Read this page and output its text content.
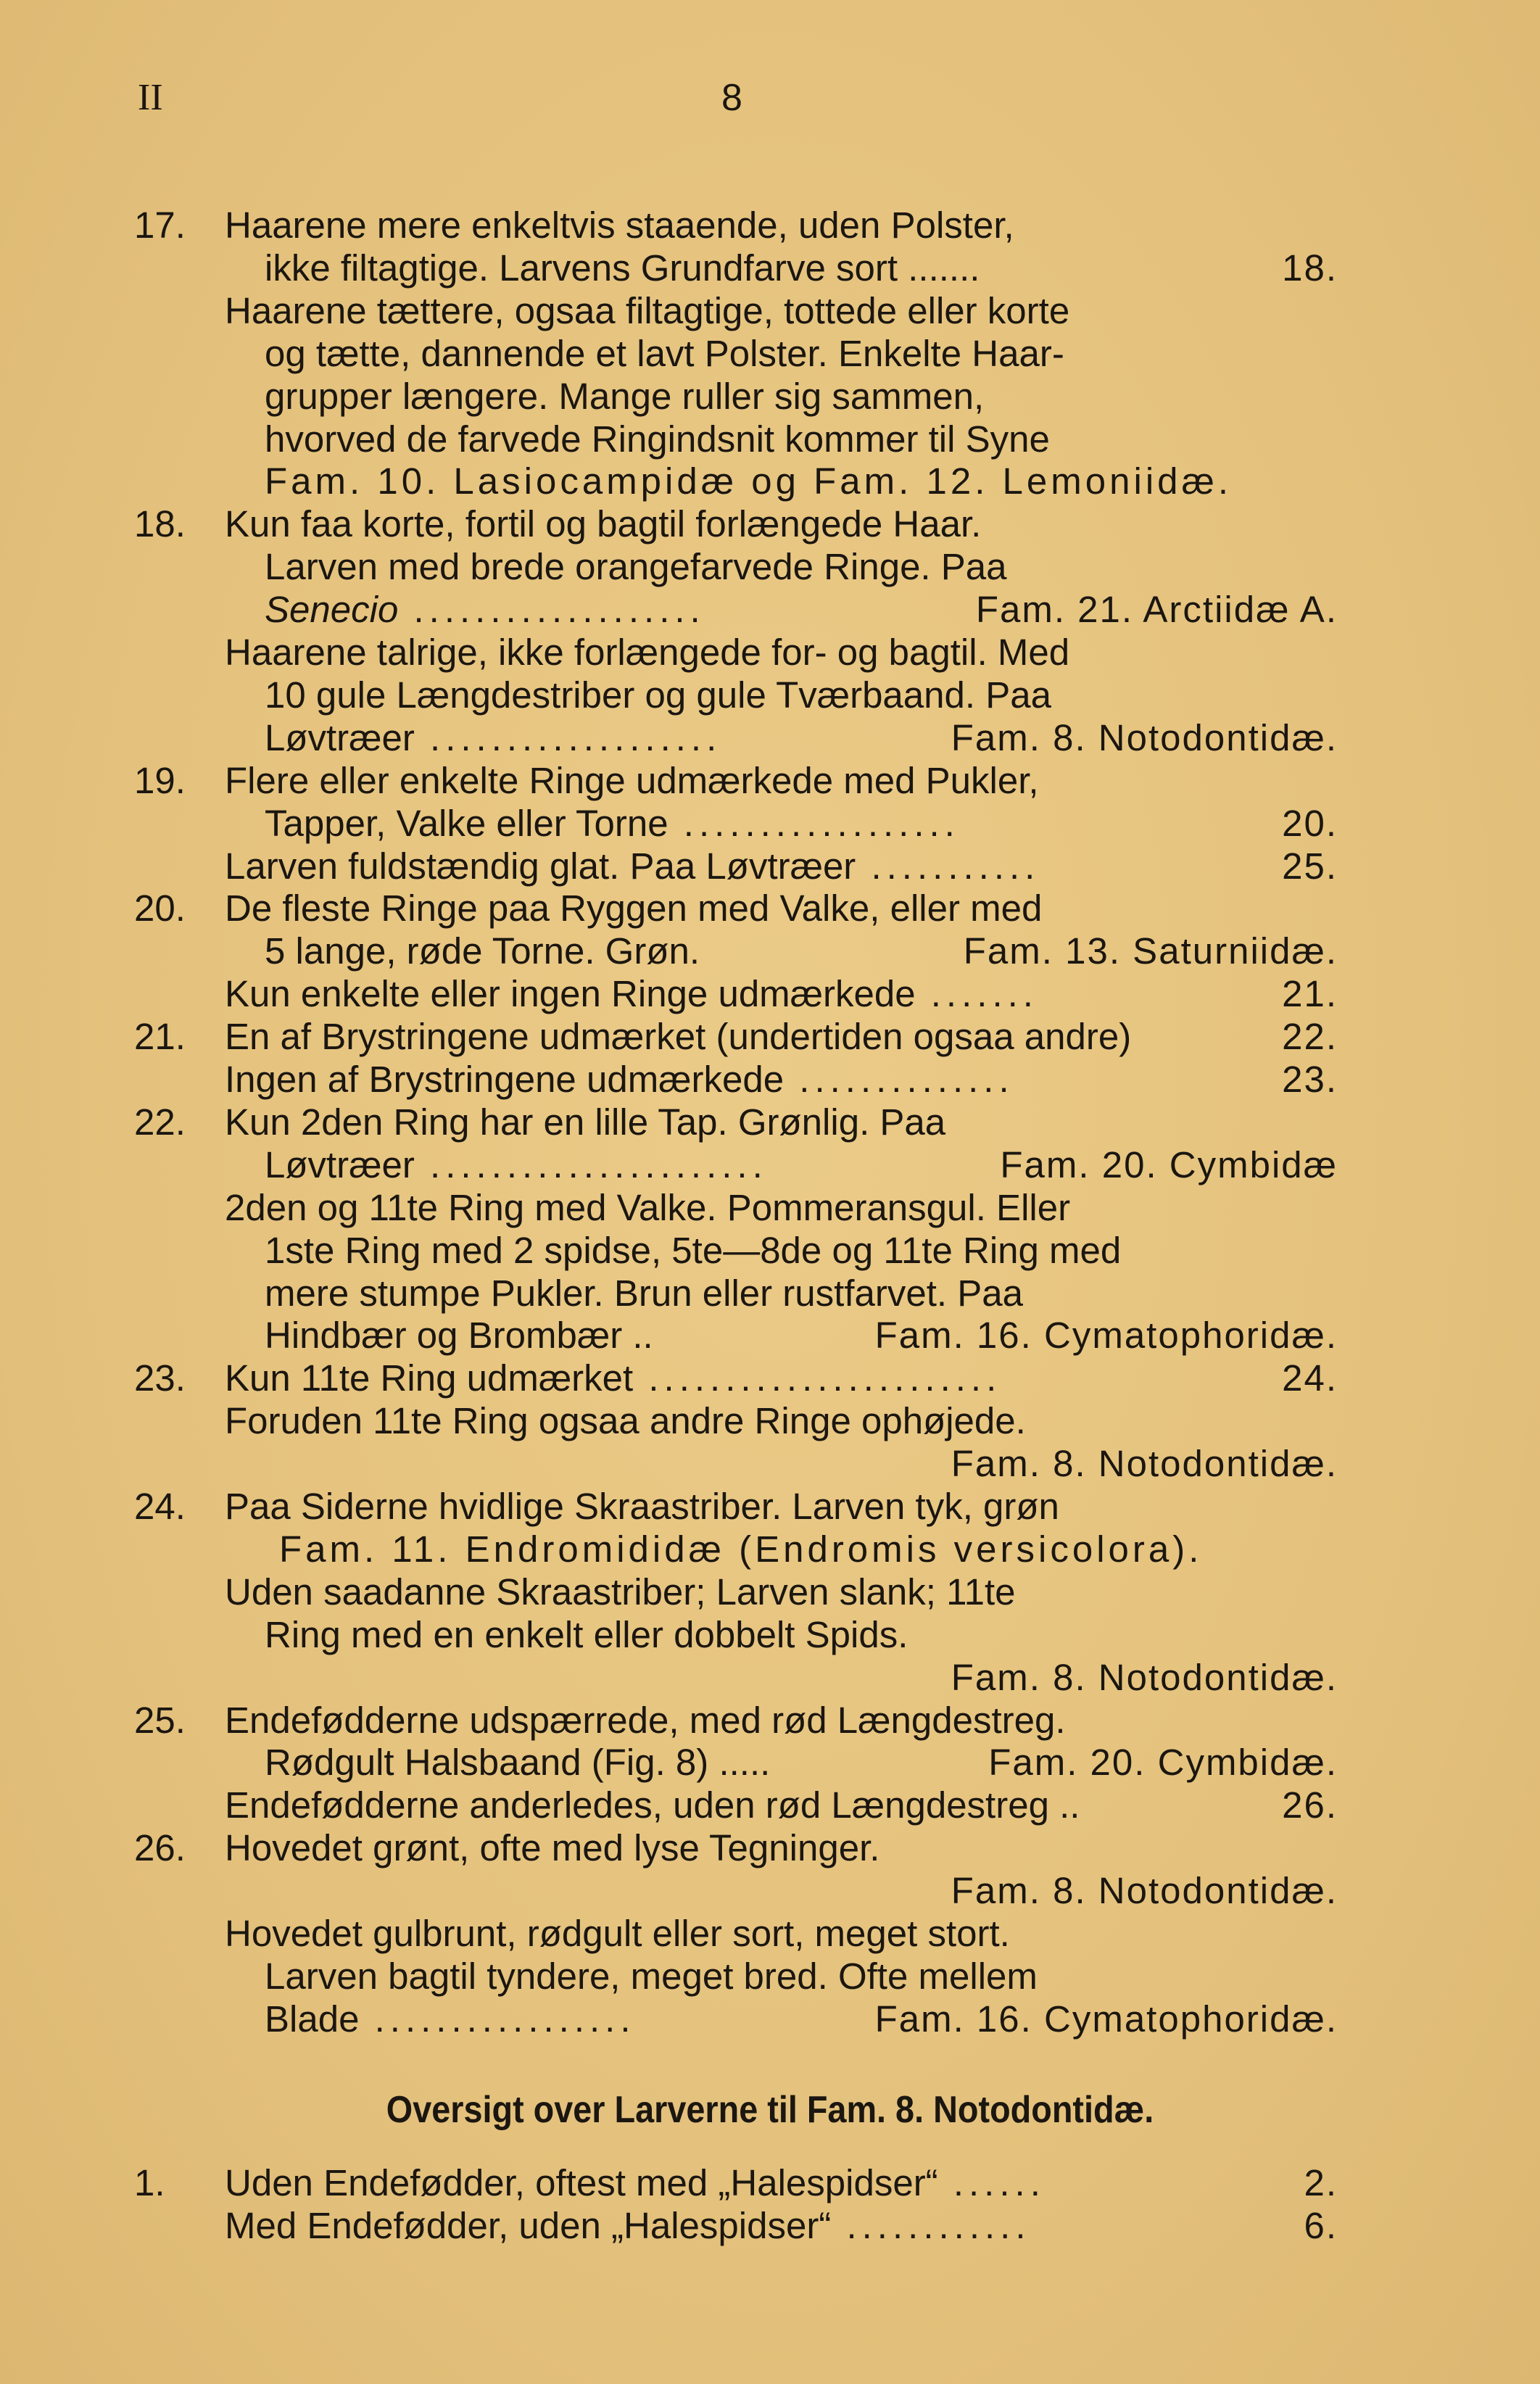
II	8
17.	Haarene mere enkeltvis staaende, uden Polster,
ikke filtagtige. Larvens Grundfarve sort .......	18.
Haarene tættere, ogsaa filtagtige, tottede eller korte
og tætte, dannende et lavt Polster. Enkelte Haar-
grupper længere. Mange ruller sig sammen,
hvorved de farvede Ringindsnit kommer til Syne
Fam. 10. Lasiocampidæ og Fam. 12. Lemoniidæ.
18.	Kun faa korte, fortil og bagtil forlængede Haar.
Larven med brede orangefarvede Ringe. Paa
Senecio ...................	Fam. 21. Arctiidæ A.
Haarene talrige, ikke forlængede for- og bagtil. Med
10 gule Længdestriber og gule Tværbaand. Paa
Løvtræer ...................	Fam. 8. Notodontidæ.
19.	Flere eller enkelte Ringe udmærkede med Pukler,
Tapper, Valke eller Torne ..................	20.
Larven fuldstændig glat. Paa Løvtræer ...........	25.
20.	De fleste Ringe paa Ryggen med Valke, eller med
5 lange, røde Torne. Grøn.	Fam. 13. Saturniidæ.
Kun enkelte eller ingen Ringe udmærkede .......	21.
21.	En af Brystringene udmærket (undertiden ogsaa andre)	22.
Ingen af Brystringene udmærkede ..............	23.
22.	Kun 2den Ring har en lille Tap. Grønlig. Paa
Løvtræer ......................	Fam. 20. Cymbidæ
2den og 11te Ring med Valke. Pommeransgul. Eller
1ste Ring med 2 spidse, 5te—8de og 11te Ring med
mere stumpe Pukler. Brun eller rustfarvet. Paa
Hindbær og Brombær ..	Fam. 16. Cymatophoridæ.
23.	Kun 11te Ring udmærket .......................	24.
Foruden 11te Ring ogsaa andre Ringe ophøjede.
Fam. 8. Notodontidæ.
24.	Paa Siderne hvidlige Skraastriber. Larven tyk, grøn
Fam. 11. Endromididæ (Endromis versicolora).
Uden saadanne Skraastriber; Larven slank; 11te
Ring med en enkelt eller dobbelt Spids.
Fam. 8. Notodontidæ.
25.	Endefødderne udspærrede, med rød Længdestreg.
Rødgult Halsbaand (Fig. 8) .....	Fam. 20. Cymbidæ.
Endefødderne anderledes, uden rød Længdestreg ..	26.
26.	Hovedet grønt, ofte med lyse Tegninger.
Fam. 8. Notodontidæ.
Hovedet gulbrunt, rødgult eller sort, meget stort.
Larven bagtil tyndere, meget bred. Ofte mellem
Blade .................	Fam. 16. Cymatophoridæ.
Oversigt over Larverne til Fam. 8. Notodontidæ.
1.	Uden Endefødder, oftest med „Halespidser“ ......	2.
Med Endefødder, uden „Halespidser“ ............	6.
